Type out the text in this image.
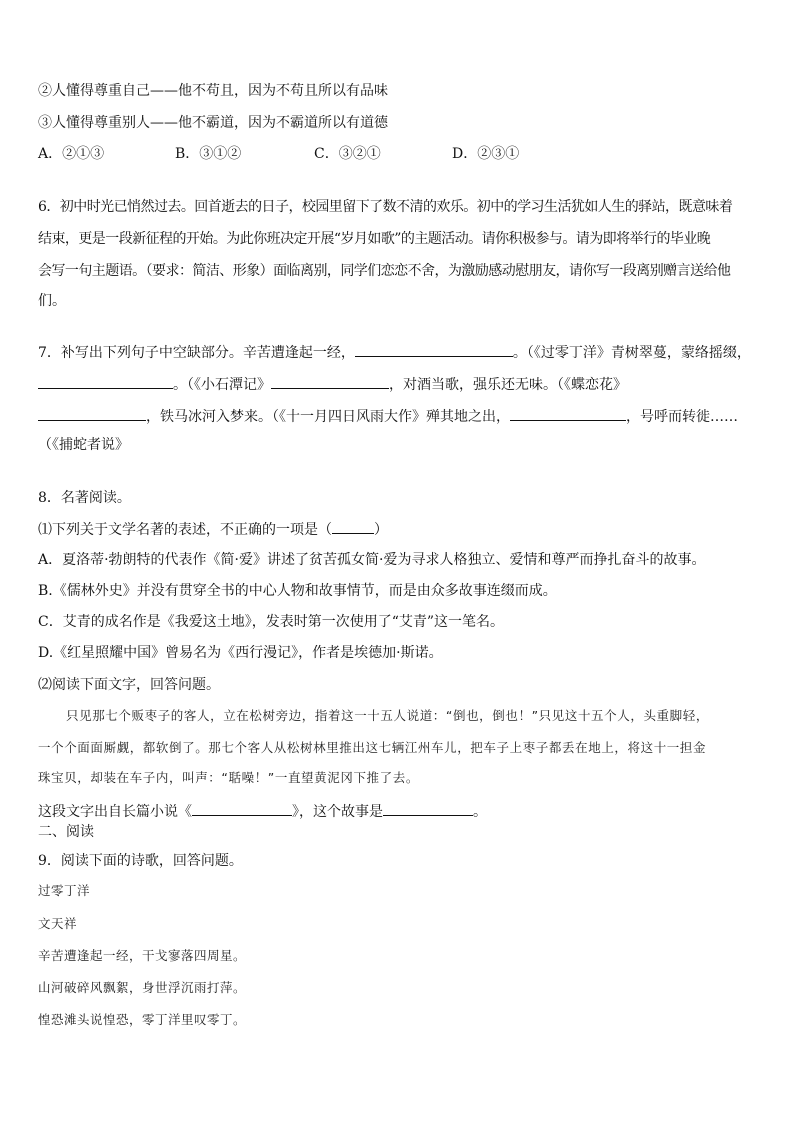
②人懂得尊重自己——他不苟且，因为不苟且所以有品味
③人懂得尊重别人——他不霸道，因为不霸道所以有道德
A．②①③	B．③①②	C．③②①	D．②③①
6．初中时光已悄然过去。回首逝去的日子，校园里留下了数不清的欢乐。初中的学习生活犹如人生的驿站，既意味着
结束，更是一段新征程的开始。为此你班决定开展“岁月如歌”的主题活动。请你积极参与。请为即将举行的毕业晚
会写一句主题语。（要求：简洁、形象）面临离别，同学们恋恋不舍，为激励感动慰朋友，请你写一段离别赠言送给他
们。
7．补写出下列句子中空缺部分。辛苦遭逢起一经，	。（《过零丁洋》青树翠蔓，蒙络摇缀，
。（《小石潭记》	，对酒当歌，强乐还无味。（《蝶恋花》
，铁马冰河入梦来。（《十一月四日风雨大作》殚其地之出，	，号呼而转徙……
（《捕蛇者说》
8．名著阅读。
⑴下列关于文学名著的表述，不正确的一项是（	）
A．夏洛蒂·勃朗特的代表作《简·爱》讲述了贫苦孤女简·爱为寻求人格独立、爱情和尊严而挣扎奋斗的故事。
B.《儒林外史》并没有贯穿全书的中心人物和故事情节，而是由众多故事连缀而成。
C．艾青的成名作是《我爱这土地》，发表时第一次使用了“艾青”这一笔名。
D.《红星照耀中国》曾易名为《西行漫记》，作者是埃德加·斯诺。
⑵阅读下面文字，回答问题。
只见那七个贩枣子的客人，立在松树旁边，指着这一十五人说道：“倒也，倒也！”只见这十五个人，头重脚轻，
一个个面面厮觑，都软倒了。那七个客人从松树林里推出这七辆江州车儿，把车子上枣子都丢在地上，将这十一担金
珠宝贝，却装在车子内，叫声：“聒噪！”一直望黄泥冈下推了去。
这段文字出自长篇小说《	》，这个故事是	。
二、阅读
9．阅读下面的诗歌，回答问题。
过零丁洋
文天祥
辛苦遭逢起一经，干戈寥落四周星。
山河破碎风飘絮，身世浮沉雨打萍。
惶恐滩头说惶恐，零丁洋里叹零丁。
